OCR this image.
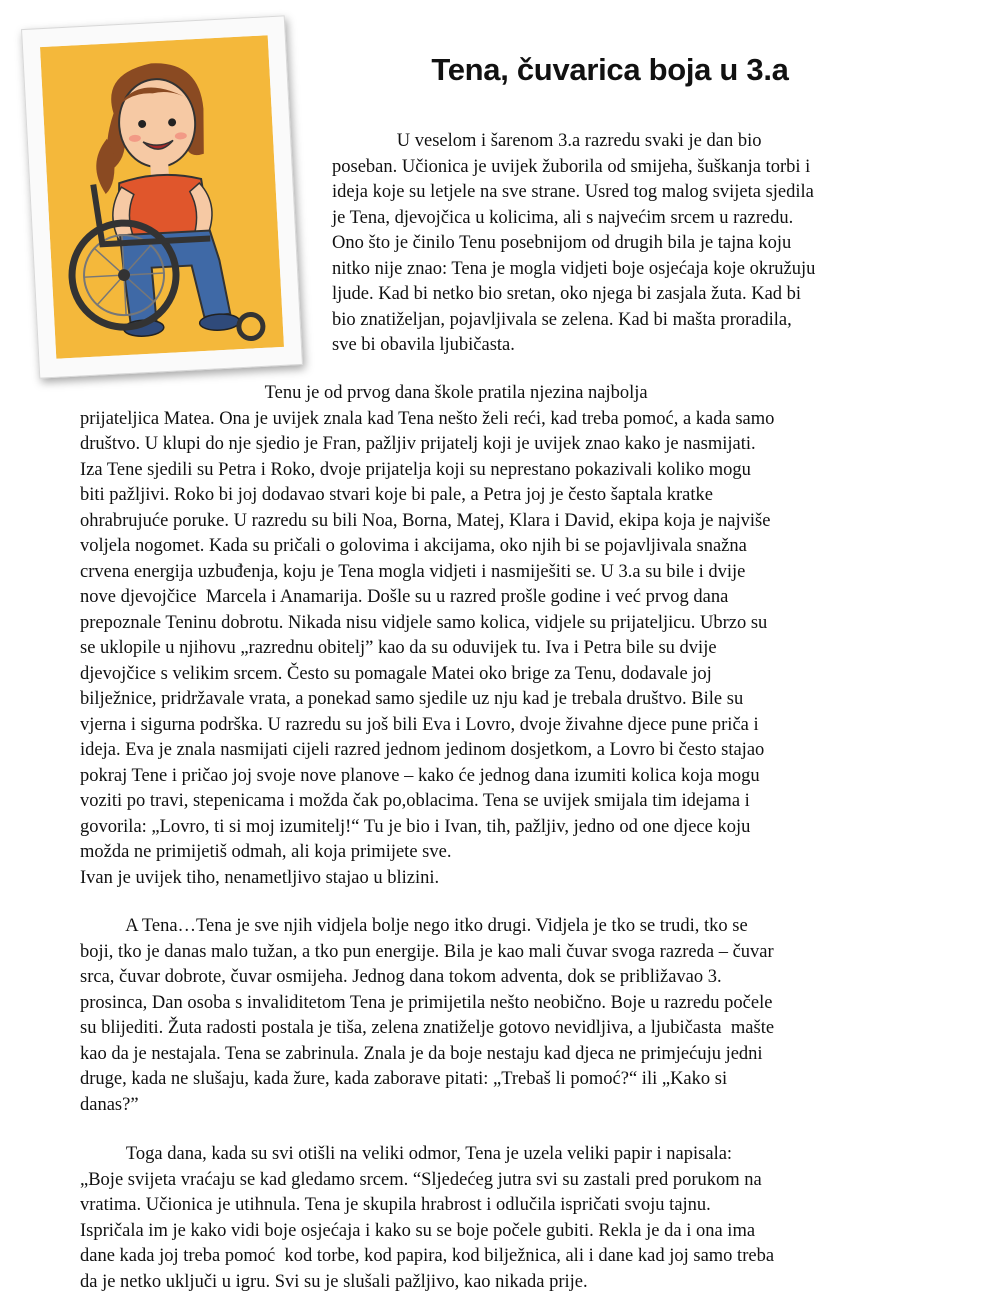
Tena, čuvarica boja u 3.a
U veselom i šarenom 3.a razredu svaki je dan bio
poseban. Učionica je uvijek žuborila od smijeha, šuškanja torbi i
ideja koje su letjele na sve strane. Usred tog malog svijeta sjedila
je Tena, djevojčica u kolicima, ali s najvećim srcem u razredu.
Ono što je činilo Tenu posebnijom od drugih bila je tajna koju
nitko nije znao: Tena je mogla vidjeti boje osjećaja koje okružuju
ljude. Kad bi netko bio sretan, oko njega bi zasjala žuta. Kad bi
bio znatiželjan, pojavljivala se zelena. Kad bi mašta proradila,
sve bi obavila ljubičasta.
Tenu je od prvog dana škole pratila njezina najbolja
prijateljica Matea. Ona je uvijek znala kad Tena nešto želi reći, kad treba pomoć, a kada samo
društvo. U klupi do nje sjedio je Fran, pažljiv prijatelj koji je uvijek znao kako je nasmijati.
Iza Tene sjedili su Petra i Roko, dvoje prijatelja koji su neprestano pokazivali koliko mogu
biti pažljivi. Roko bi joj dodavao stvari koje bi pale, a Petra joj je često šaptala kratke
ohrabrujuće poruke. U razredu su bili Noa, Borna, Matej, Klara i David, ekipa koja je najviše
voljela nogomet. Kada su pričali o golovima i akcijama, oko njih bi se pojavljivala snažna
crvena energija uzbuđenja, koju je Tena mogla vidjeti i nasmiješiti se. U 3.a su bile i dvije
nove djevojčice  Marcela i Anamarija. Došle su u razred prošle godine i već prvog dana
prepoznale Teninu dobrotu. Nikada nisu vidjele samo kolica, vidjele su prijateljicu. Ubrzo su
se uklopile u njihovu „razrednu obitelj” kao da su oduvijek tu. Iva i Petra bile su dvije
djevojčice s velikim srcem. Često su pomagale Matei oko brige za Tenu, dodavale joj
bilježnice, pridržavale vrata, a ponekad samo sjedile uz nju kad je trebala društvo. Bile su
vjerna i sigurna podrška. U razredu su još bili Eva i Lovro, dvoje živahne djece pune priča i
ideja. Eva je znala nasmijati cijeli razred jednom jedinom dosjetkom, a Lovro bi često stajao
pokraj Tene i pričao joj svoje nove planove – kako će jednog dana izumiti kolica koja mogu
voziti po travi, stepenicama i možda čak po,oblacima. Tena se uvijek smijala tim idejama i
govorila: „Lovro, ti si moj izumitelj!“ Tu je bio i Ivan, tih, pažljiv, jedno od one djece koju
možda ne primijetiš odmah, ali koja primijete sve.
Ivan je uvijek tiho, nenametljivo stajao u blizini.
A Tena…Tena je sve njih vidjela bolje nego itko drugi. Vidjela je tko se trudi, tko se
boji, tko je danas malo tužan, a tko pun energije. Bila je kao mali čuvar svoga razreda – čuvar
srca, čuvar dobrote, čuvar osmijeha. Jednog dana tokom adventa, dok se približavao 3.
prosinca, Dan osoba s invaliditetom Tena je primijetila nešto neobično. Boje u razredu počele
su blijediti. Žuta radosti postala je tiša, zelena znatiželje gotovo nevidljiva, a ljubičasta  mašte
kao da je nestajala. Tena se zabrinula. Znala je da boje nestaju kad djeca ne primjećuju jedni
druge, kada ne slušaju, kada žure, kada zaborave pitati: „Trebaš li pomoć?“ ili „Kako si
danas?”
Toga dana, kada su svi otišli na veliki odmor, Tena je uzela veliki papir i napisala:
„Boje svijeta vraćaju se kad gledamo srcem. “Sljedećeg jutra svi su zastali pred porukom na
vratima. Učionica je utihnula. Tena je skupila hrabrost i odlučila ispričati svoju tajnu.
Ispričala im je kako vidi boje osjećaja i kako su se boje počele gubiti. Rekla je da i ona ima
dane kada joj treba pomoć  kod torbe, kod papira, kod bilježnica, ali i dane kad joj samo treba
da je netko uključi u igru. Svi su je slušali pažljivo, kao nikada prije.
